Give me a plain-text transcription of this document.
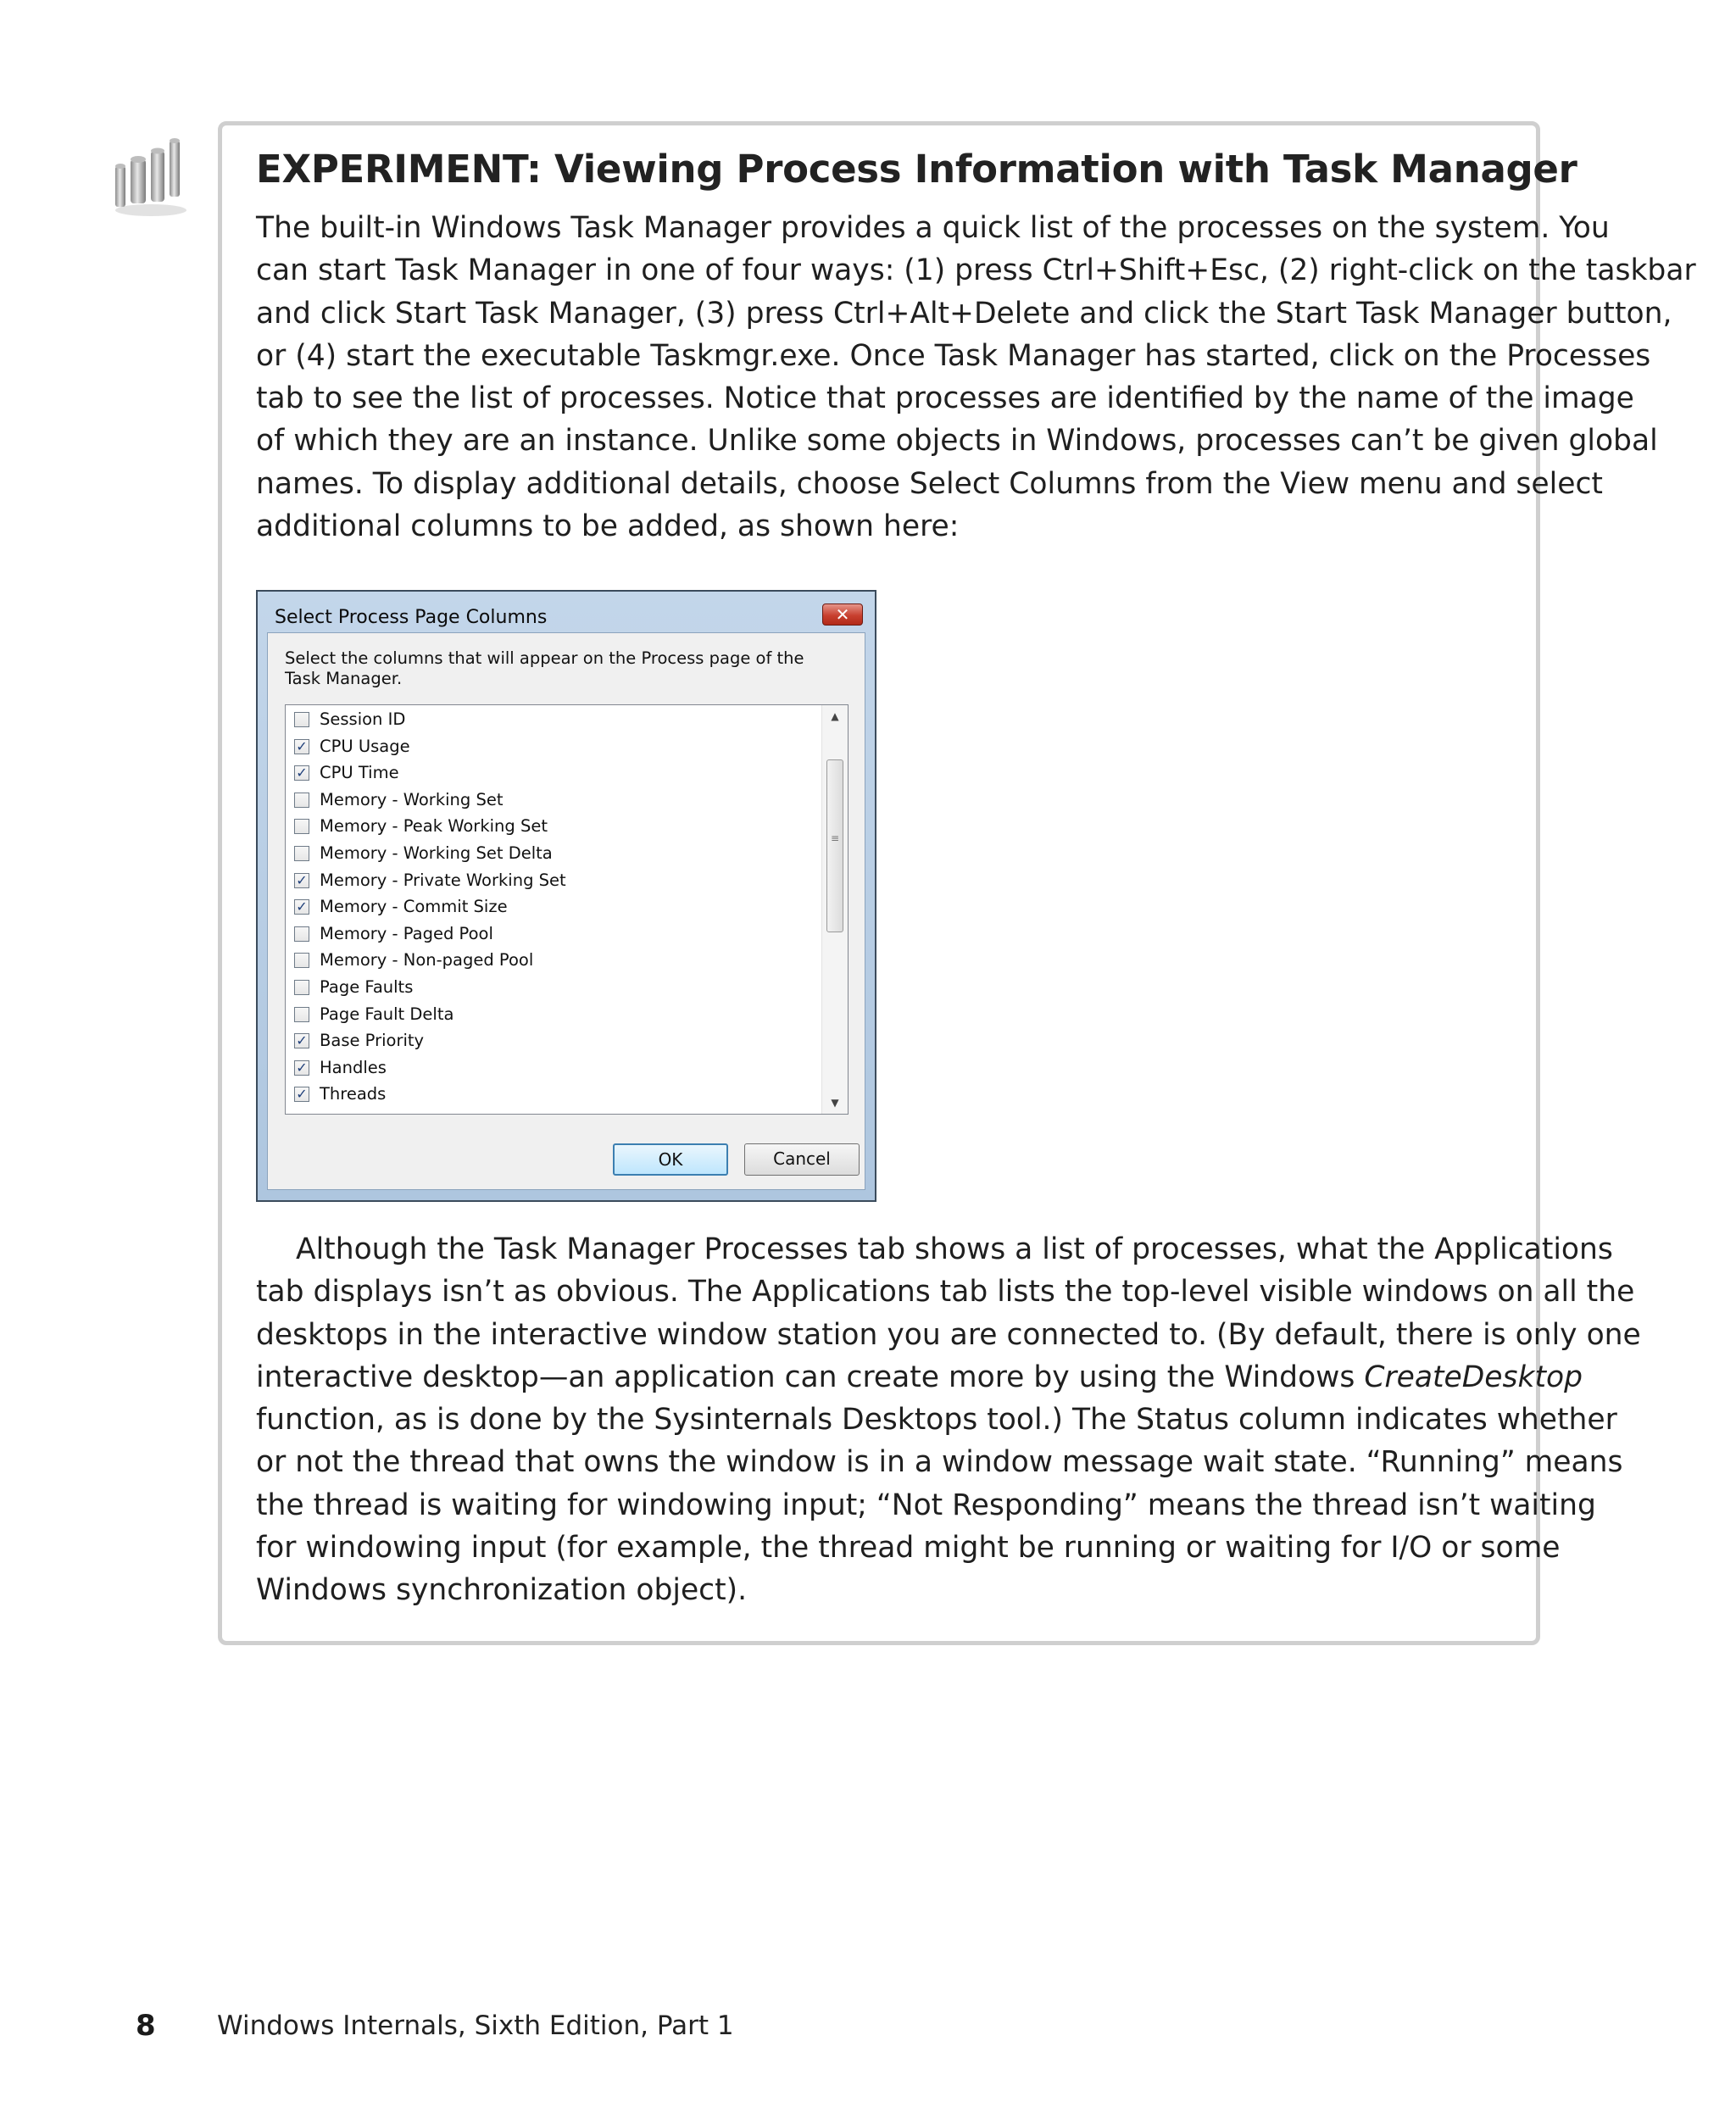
EXPERIMENT: Viewing Process Information with Task Manager

The built-in Windows Task Manager provides a quick list of the processes on the system. You
can start Task Manager in one of four ways: (1) press Ctrl+Shift+Esc, (2) right-click on the taskbar
and click Start Task Manager, (3) press Ctrl+Alt+Delete and click the Start Task Manager button,
or (4) start the executable Taskmgr.exe. Once Task Manager has started, click on the Processes
tab to see the list of processes. Notice that processes are identified by the name of the image
of which they are an instance. Unlike some objects in Windows, processes can’t be given global
names. To display additional details, choose Select Columns from the View menu and select
additional columns to be added, as shown here:

Select Process Page Columns	✕

Select the columns that will appear on the Process page of the Task Manager.

Session ID
✓ CPU Usage
✓ CPU Time
Memory - Working Set
Memory - Peak Working Set
Memory - Working Set Delta
✓ Memory - Private Working Set
✓ Memory - Commit Size
Memory - Paged Pool
Memory - Non-paged Pool
Page Faults
Page Fault Delta
✓ Base Priority
✓ Handles
✓ Threads
▲
≡
▼
OK	Cancel

Although the Task Manager Processes tab shows a list of processes, what the Applications
tab displays isn’t as obvious. The Applications tab lists the top-level visible windows on all the
desktops in the interactive window station you are connected to. (By default, there is only one
interactive desktop—an application can create more by using the Windows CreateDesktop
function, as is done by the Sysinternals Desktops tool.) The Status column indicates whether
or not the thread that owns the window is in a window message wait state. “Running” means
the thread is waiting for windowing input; “Not Responding” means the thread isn’t waiting
for windowing input (for example, the thread might be running or waiting for I/O or some
Windows synchronization object).

8 Windows Internals, Sixth Edition, Part 1
